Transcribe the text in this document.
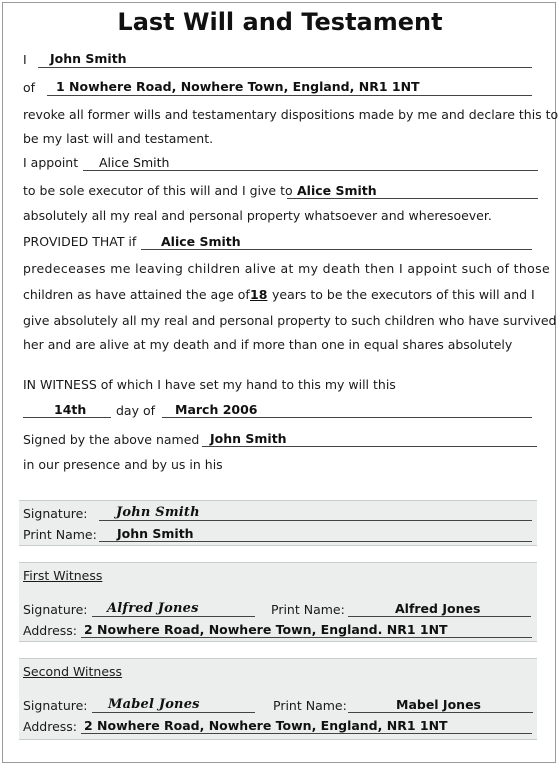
Last Will and Testament
I John Smith
of 1 Nowhere Road, Nowhere Town, England, NR1 1NT
revoke all former wills and testamentary dispositions made by me and declare this to
be my last will and testament.
I appoint Alice Smith
to be sole executor of this will and I give to Alice Smith
absolutely all my real and personal property whatsoever and wheresoever.
PROVIDED THAT if Alice Smith
predeceases me leaving children alive at my death then I appoint such of those
children as have attained the age of 18 years to be the executors of this will and I
give absolutely all my real and personal property to such children who have survived
her and are alive at my death and if more than one in equal shares absolutely
IN WITNESS of which I have set my hand to this my will this
14th day of March 2006
Signed by the above named John Smith
in our presence and by us in his
Signature: John Smith
Print Name: John Smith
First Witness
Signature: Alfred Jones	Print Name:	Alfred Jones
Address: 2 Nowhere Road, Nowhere Town, England. NR1 1NT
Second Witness
Signature: Mabel Jones	Print Name:	Mabel Jones
Address: 2 Nowhere Road, Nowhere Town, England, NR1 1NT
